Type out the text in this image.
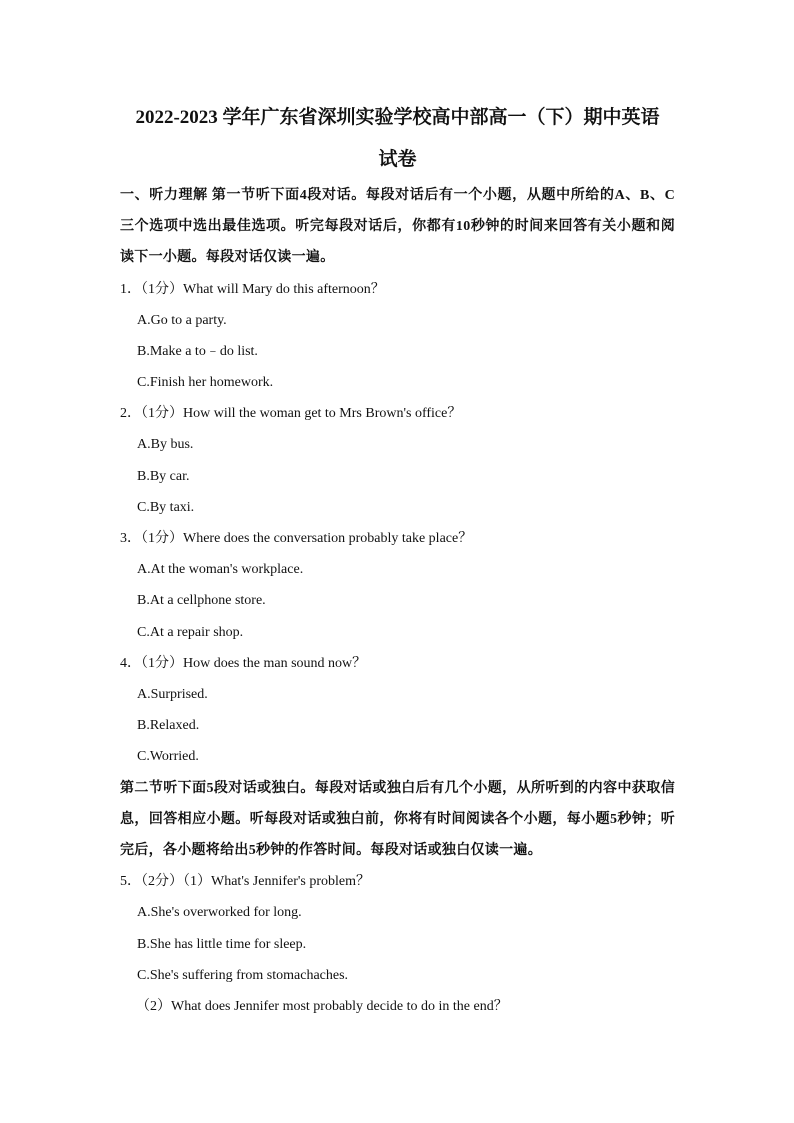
2022-2023 学年广东省深圳实验学校高中部高一（下）期中英语
试卷
一、听力理解 第一节听下面4段对话。每段对话后有一个小题，从题中所给的A、B、C三个选项中选出最佳选项。听完每段对话后，你都有10秒钟的时间来回答有关小题和阅读下一小题。每段对话仅读一遍。
1．（1分）What will Mary do this afternoon？
A.Go to a party.
B.Make a to﹣do list.
C.Finish her homework.
2．（1分）How will the woman get to Mrs Brown's office？
A.By bus.
B.By car.
C.By taxi.
3．（1分）Where does the conversation probably take place？
A.At the woman's workplace.
B.At a cellphone store.
C.At a repair shop.
4．（1分）How does the man sound now？
A.Surprised.
B.Relaxed.
C.Worried.
第二节听下面5段对话或独白。每段对话或独白后有几个小题，从所听到的内容中获取信息，回答相应小题。听每段对话或独白前，你将有时间阅读各个小题，每小题5秒钟；听完后，各小题将给出5秒钟的作答时间。每段对话或独白仅读一遍。
5．（2分）（1）What's Jennifer's problem？
A.She's overworked for long.
B.She has little time for sleep.
C.She's suffering from stomachaches.
（2）What does Jennifer most probably decide to do in the end？
